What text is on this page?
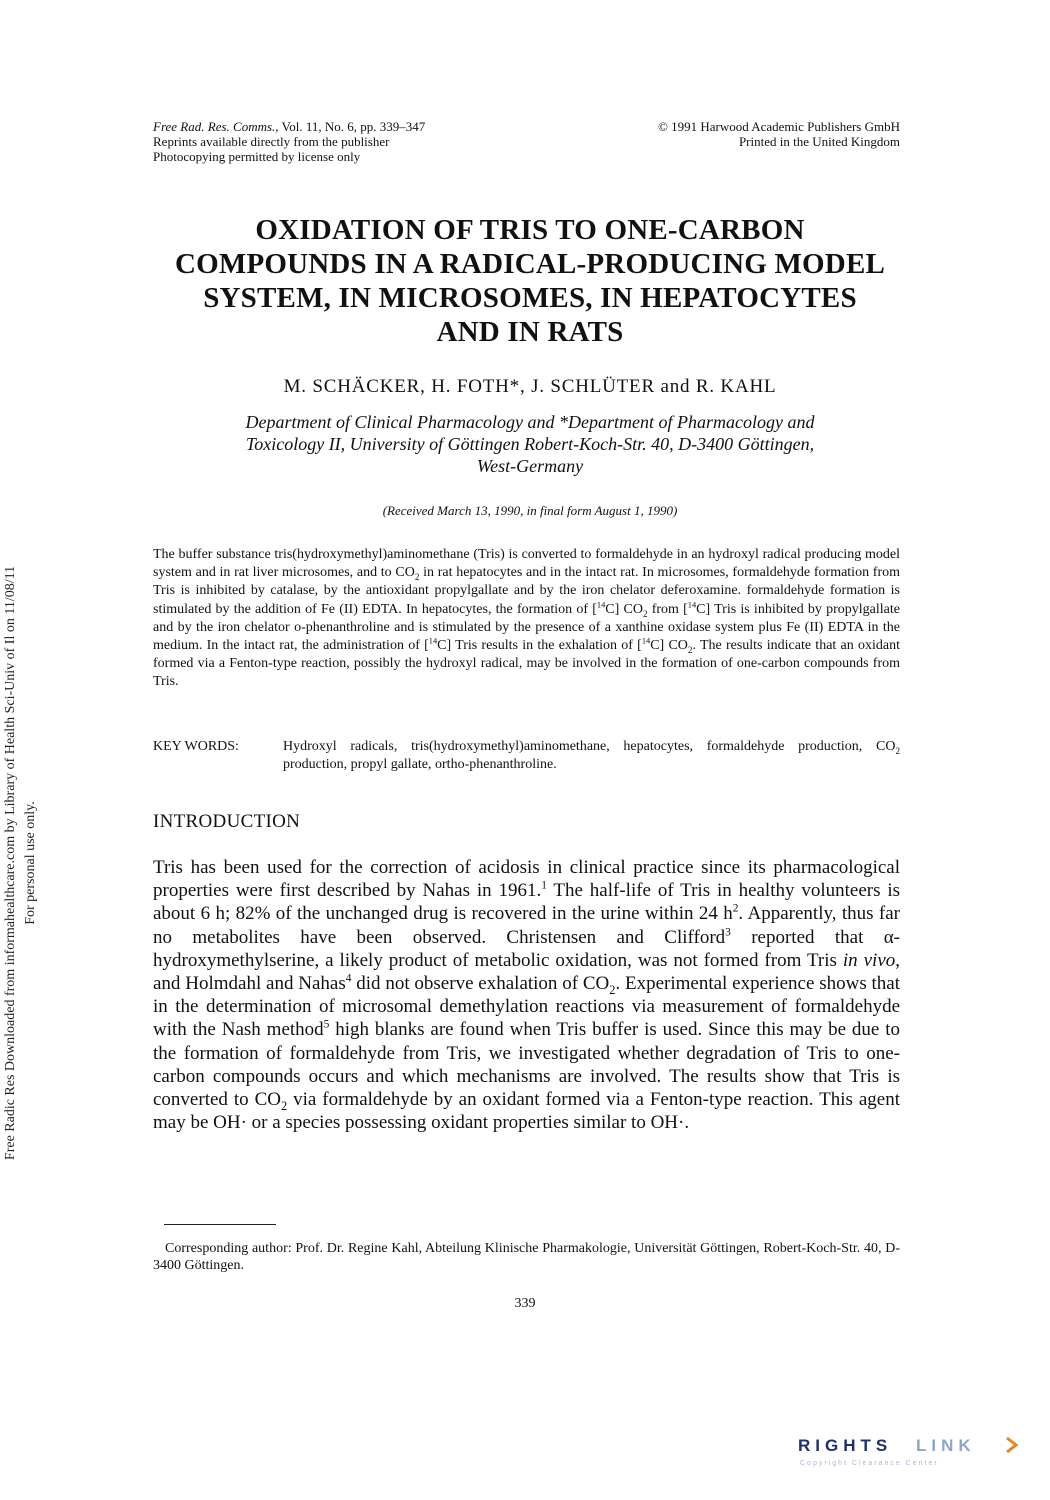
Free Rad. Res. Comms., Vol. 11, No. 6, pp. 339–347
Reprints available directly from the publisher
Photocopying permitted by license only
© 1991 Harwood Academic Publishers GmbH
Printed in the United Kingdom
OXIDATION OF TRIS TO ONE-CARBON
COMPOUNDS IN A RADICAL-PRODUCING MODEL
SYSTEM, IN MICROSOMES, IN HEPATOCYTES
AND IN RATS
M. SCHÄCKER, H. FOTH*, J. SCHLÜTER and R. KAHL
Department of Clinical Pharmacology and *Department of Pharmacology and
Toxicology II, University of Göttingen Robert-Koch-Str. 40, D-3400 Göttingen,
West-Germany
(Received March 13, 1990, in final form August 1, 1990)
The buffer substance tris(hydroxymethyl)aminomethane (Tris) is converted to formaldehyde in an hydroxyl radical producing model system and in rat liver microsomes, and to $CO_2$ in rat hepatocytes and in the intact rat. In microsomes, formaldehyde formation from Tris is inhibited by catalase, by the antioxidant propylgallate and by the iron chelator deferoxamine. formaldehyde formation is stimulated by the addition of Fe (II) EDTA. In hepatocytes, the formation of [$^{14}$C] $CO_2$ from [$^{14}$C] Tris is inhibited by propylgallate and by the iron chelator o-phenanthroline and is stimulated by the presence of a xanthine oxidase system plus Fe (II) EDTA in the medium. In the intact rat, the administration of [$^{14}$C] Tris results in the exhalation of [$^{14}$C] $CO_2$. The results indicate that an oxidant formed via a Fenton-type reaction, possibly the hydroxyl radical, may be involved in the formation of one-carbon compounds from Tris.
KEY WORDS:	Hydroxyl radicals, tris(hydroxymethyl)aminomethane, hepatocytes, formaldehyde production, $CO_2$ production, propyl gallate, ortho-phenanthroline.
INTRODUCTION
Tris has been used for the correction of acidosis in clinical practice since its pharmacological properties were first described by Nahas in 1961.$^1$ The half-life of Tris in healthy volunteers is about 6 h; 82% of the unchanged drug is recovered in the urine within 24 $h^2$. Apparently, thus far no metabolites have been observed. Christensen and Clifford$^3$ reported that α-hydroxymethylserine, a likely product of metabolic oxidation, was not formed from Tris in vivo, and Holmdahl and Nahas$^4$ did not observe exhalation of $CO_2$. Experimental experience shows that in the determination of microsomal demethylation reactions via measurement of formaldehyde with the Nash method$^5$ high blanks are found when Tris buffer is used. Since this may be due to the formation of formaldehyde from Tris, we investigated whether degradation of Tris to one-carbon compounds occurs and which mechanisms are involved. The results show that Tris is converted to $CO_2$ via formaldehyde by an oxidant formed via a Fenton-type reaction. This agent may be OH· or a species possessing oxidant properties similar to OH·.
Corresponding author: Prof. Dr. Regine Kahl, Abteilung Klinische Pharmakologie, Universität Göttingen, Robert-Koch-Str. 40, D-3400 Göttingen.
339
Free Radic Res Downloaded from informahealthcare.com by Library of Health Sci-Univ of Il on 11/08/11 For personal use only.
RIGHTS LINK
Copyright Clearance Center
